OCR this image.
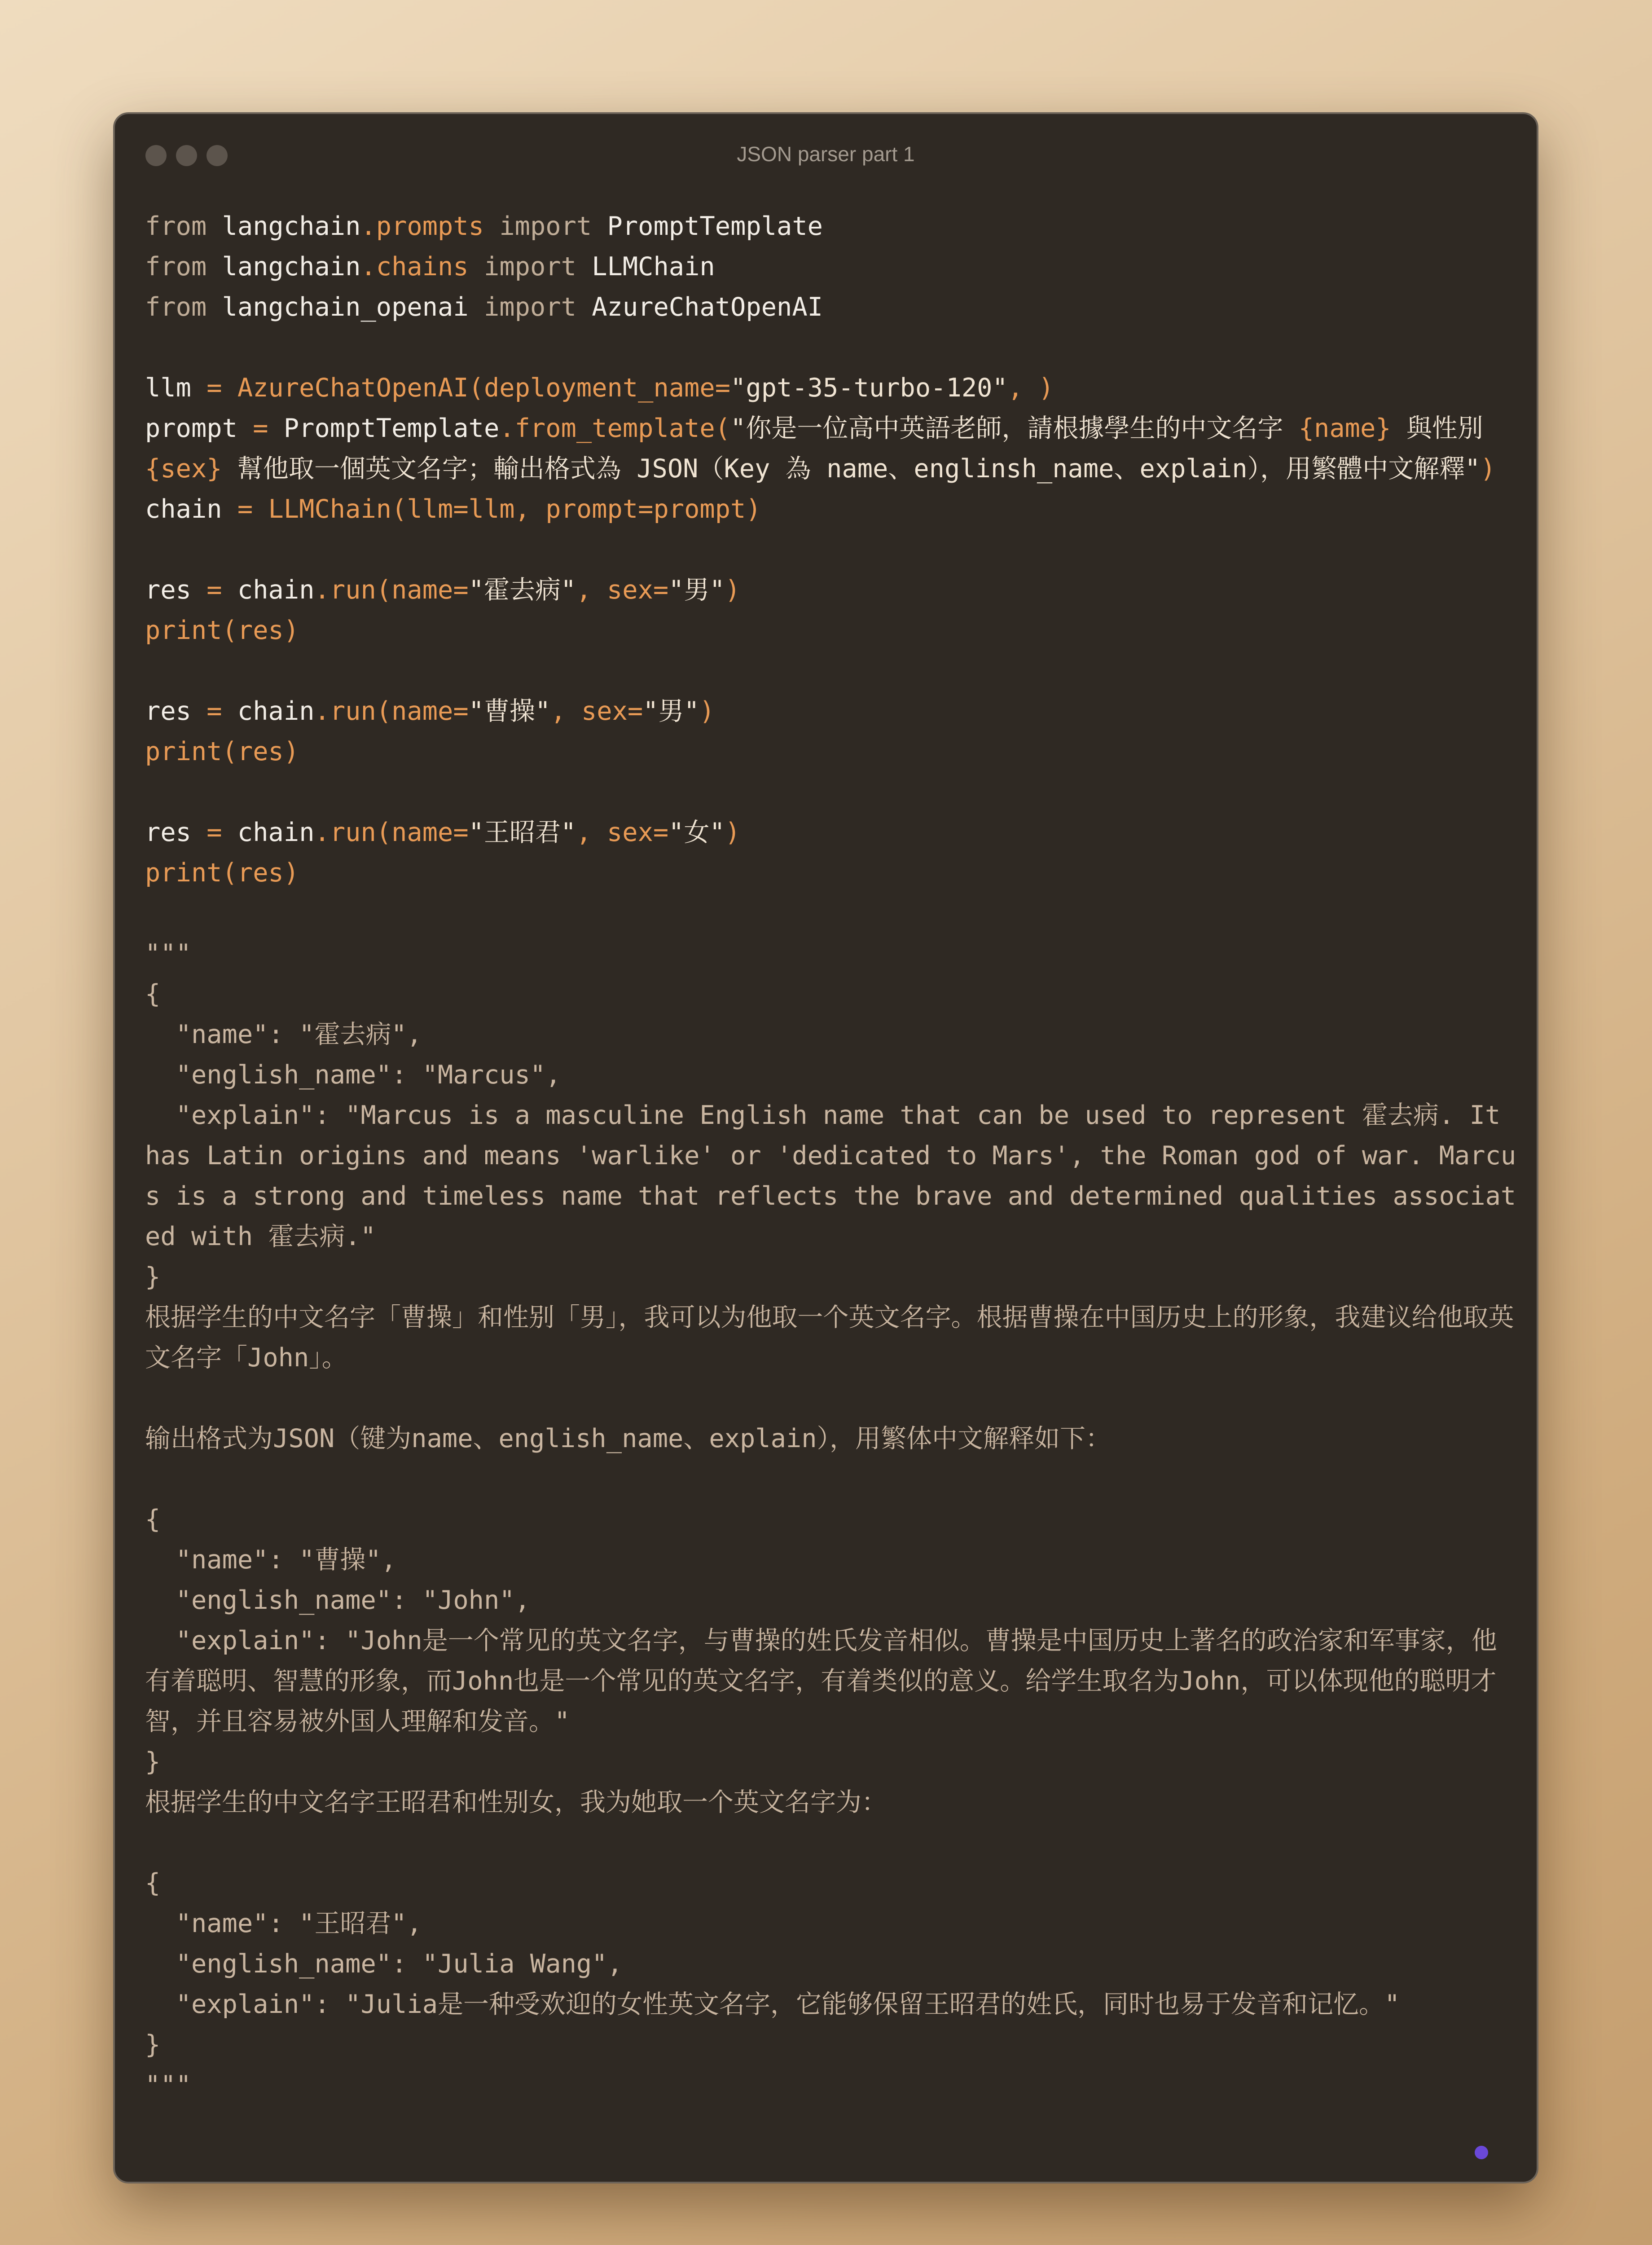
JSON parser part 1
from langchain.prompts import PromptTemplate
from langchain.chains import LLMChain
from langchain_openai import AzureChatOpenAI
llm = AzureChatOpenAI(deployment_name="gpt-35-turbo-120", )
prompt = PromptTemplate.from_template("你是一位高中英語老師，請根據學生的中文名字 {name} 與性別 {sex} 幫他取一個英文名字；輸出格式為 JSON（Key 為 name、englinsh_name、explain），用繁體中文解釋")
chain = LLMChain(llm=llm, prompt=prompt)
res = chain.run(name="霍去病", sex="男")
print(res)
res = chain.run(name="曹操", sex="男")
print(res)
res = chain.run(name="王昭君", sex="女")
print(res)
"""
{
"name": "霍去病",
"english_name": "Marcus",
"explain": "Marcus is a masculine English name that can be used to represent 霍去病. It has Latin origins and means 'warlike' or 'dedicated to Mars', the Roman god of war. Marcus is a strong and timeless name that reflects the brave and determined qualities associated with 霍去病."
}
根据学生的中文名字「曹操」和性别「男」，我可以为他取一个英文名字。根据曹操在中国历史上的形象，我建议给他取英文名字「John」。
输出格式为JSON（键为name、english_name、explain），用繁体中文解释如下：
{
"name": "曹操",
"english_name": "John",
"explain": "John是一个常见的英文名字，与曹操的姓氏发音相似。曹操是中国历史上著名的政治家和军事家，他有着聪明、智慧的形象，而John也是一个常见的英文名字，有着类似的意义。给学生取名为John，可以体现他的聪明才智，并且容易被外国人理解和发音。"
}
根据学生的中文名字王昭君和性别女，我为她取一个英文名字为：
{
"name": "王昭君",
"english_name": "Julia Wang",
"explain": "Julia是一种受欢迎的女性英文名字，它能够保留王昭君的姓氏，同时也易于发音和记忆。"
}
"""
